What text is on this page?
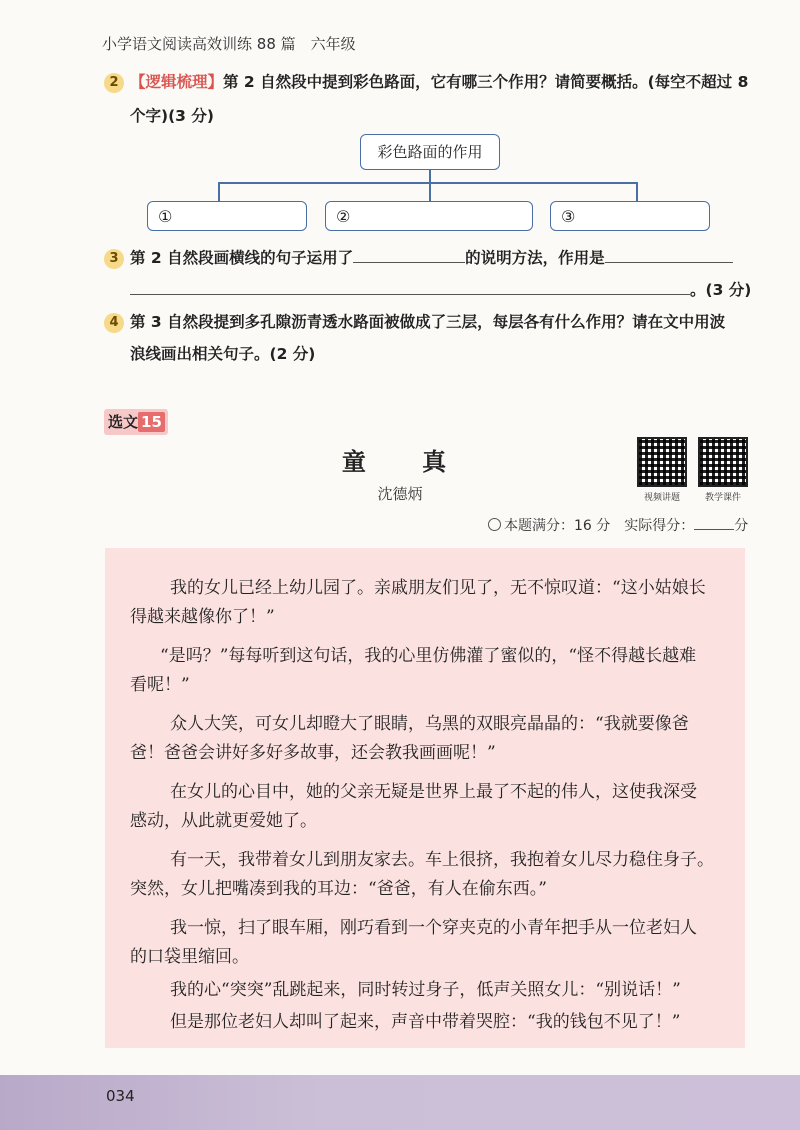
小学语文阅读高效训练 88 篇　六年级
2 【逻辑梳理】第 2 自然段中提到彩色路面，它有哪三个作用？请简要概括。(每空不超过 8
个字)(3 分)
彩色路面的作用
①	②	③
3 第 2 自然段画横线的句子运用了	的说明方法，作用是
。(3 分)
4 第 3 自然段提到多孔隙沥青透水路面被做成了三层，每层各有什么作用？请在文中用波
浪线画出相关句子。(2 分)
选文 15
童 真
沈德炳	视频讲题	教学课件
本题满分：16 分　 实际得分：	分
我的女儿已经上幼儿园了。亲戚朋友们见了，无不惊叹道：“这小姑娘长
得越来越像你了！”
“是吗？”每每听到这句话，我的心里仿佛灌了蜜似的，“怪不得越长越难
看呢！”
众人大笑，可女儿却瞪大了眼睛，乌黑的双眼亮晶晶的：“我就要像爸
爸！爸爸会讲好多好多故事，还会教我画画呢！”
在女儿的心目中，她的父亲无疑是世界上最了不起的伟人，这使我深受
感动，从此就更爱她了。
有一天，我带着女儿到朋友家去。车上很挤，我抱着女儿尽力稳住身子。
突然，女儿把嘴凑到我的耳边：“爸爸，有人在偷东西。”
我一惊，扫了眼车厢，刚巧看到一个穿夹克的小青年把手从一位老妇人
的口袋里缩回。
我的心“突突”乱跳起来，同时转过身子，低声关照女儿：“别说话！”
但是那位老妇人却叫了起来，声音中带着哭腔：“我的钱包不见了！”
034
